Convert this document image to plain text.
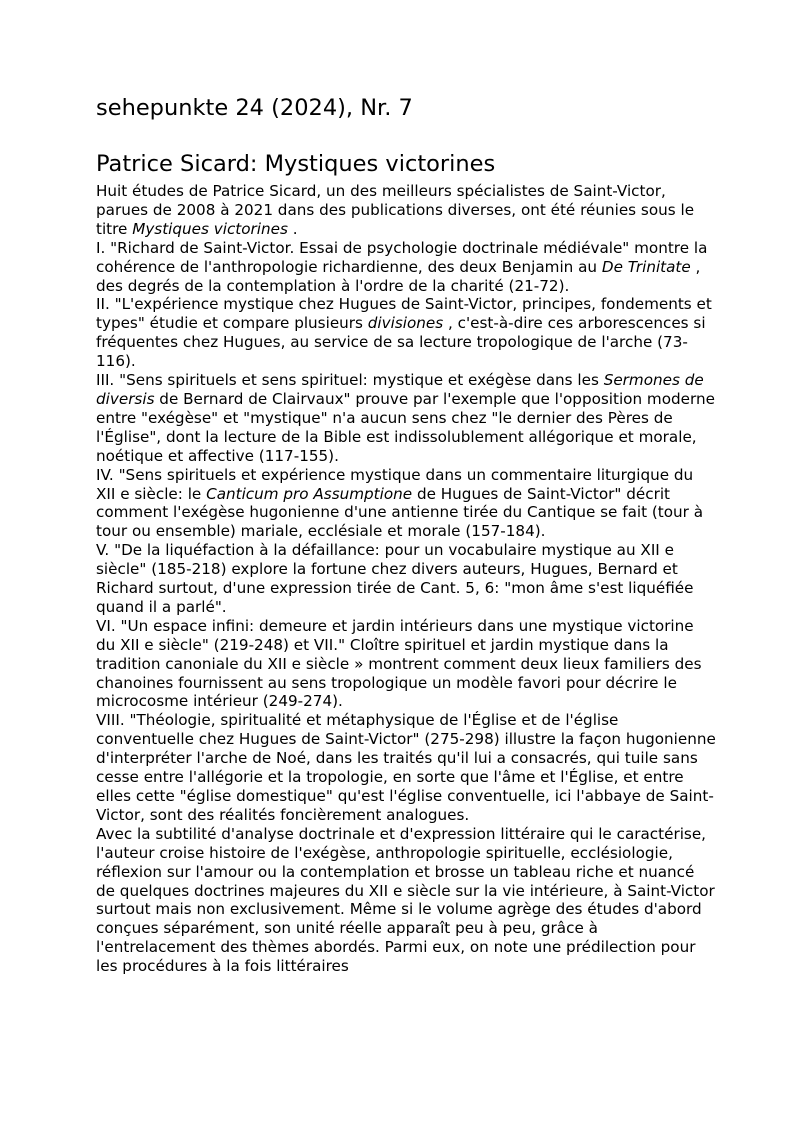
sehepunkte 24 (2024), Nr. 7
Patrice Sicard: Mystiques victorines

Huit études de Patrice Sicard, un des meilleurs spécialistes de Saint-Victor, parues de 2008 à 2021 dans des publications diverses, ont été réunies sous le titre Mystiques victorines .

I. "Richard de Saint-Victor. Essai de psychologie doctrinale médiévale" montre la cohérence de l'anthropologie richardienne, des deux Benjamin au De Trinitate , des degrés de la contemplation à l'ordre de la charité (21-72).

II. "L'expérience mystique chez Hugues de Saint-Victor, principes, fondements et types" étudie et compare plusieurs divisiones , c'est-à-dire ces arborescences si fréquentes chez Hugues, au service de sa lecture tropologique de l'arche (73-116).

III. "Sens spirituels et sens spirituel: mystique et exégèse dans les Sermones de diversis de Bernard de Clairvaux" prouve par l'exemple que l'opposition moderne entre "exégèse" et "mystique" n'a aucun sens chez "le dernier des Pères de l'Église", dont la lecture de la Bible est indissolublement allégorique et morale, noétique et affective (117-155).

IV. "Sens spirituels et expérience mystique dans un commentaire liturgique du XII e siècle: le Canticum pro Assumptione de Hugues de Saint-Victor" décrit comment l'exégèse hugonienne d'une antienne tirée du Cantique se fait (tour à tour ou ensemble) mariale, ecclésiale et morale (157-184).

V. "De la liquéfaction à la défaillance: pour un vocabulaire mystique au XII e siècle" (185-218) explore la fortune chez divers auteurs, Hugues, Bernard et Richard surtout, d'une expression tirée de Cant. 5, 6: "mon âme s'est liquéfiée quand il a parlé".

VI. "Un espace infini: demeure et jardin intérieurs dans une mystique victorine du XII e siècle" (219-248) et VII." Cloître spirituel et jardin mystique dans la tradition canoniale du XII e siècle » montrent comment deux lieux familiers des chanoines fournissent au sens tropologique un modèle favori pour décrire le microcosme intérieur (249-274).

VIII. "Théologie, spiritualité et métaphysique de l'Église et de l'église conventuelle chez Hugues de Saint-Victor" (275-298) illustre la façon hugonienne d'interpréter l'arche de Noé, dans les traités qu'il lui a consacrés, qui tuile sans cesse entre l'allégorie et la tropologie, en sorte que l'âme et l'Église, et entre elles cette "église domestique" qu'est l'église conventuelle, ici l'abbaye de Saint-Victor, sont des réalités foncièrement analogues.

Avec la subtilité d'analyse doctrinale et d'expression littéraire qui le caractérise, l'auteur croise histoire de l'exégèse, anthropologie spirituelle, ecclésiologie, réflexion sur l'amour ou la contemplation et brosse un tableau riche et nuancé de quelques doctrines majeures du XII e siècle sur la vie intérieure, à Saint-Victor surtout mais non exclusivement. Même si le volume agrège des études d'abord conçues séparément, son unité réelle apparaît peu à peu, grâce à l'entrelacement des thèmes abordés. Parmi eux, on note une prédilection pour les procédures à la fois littéraires
